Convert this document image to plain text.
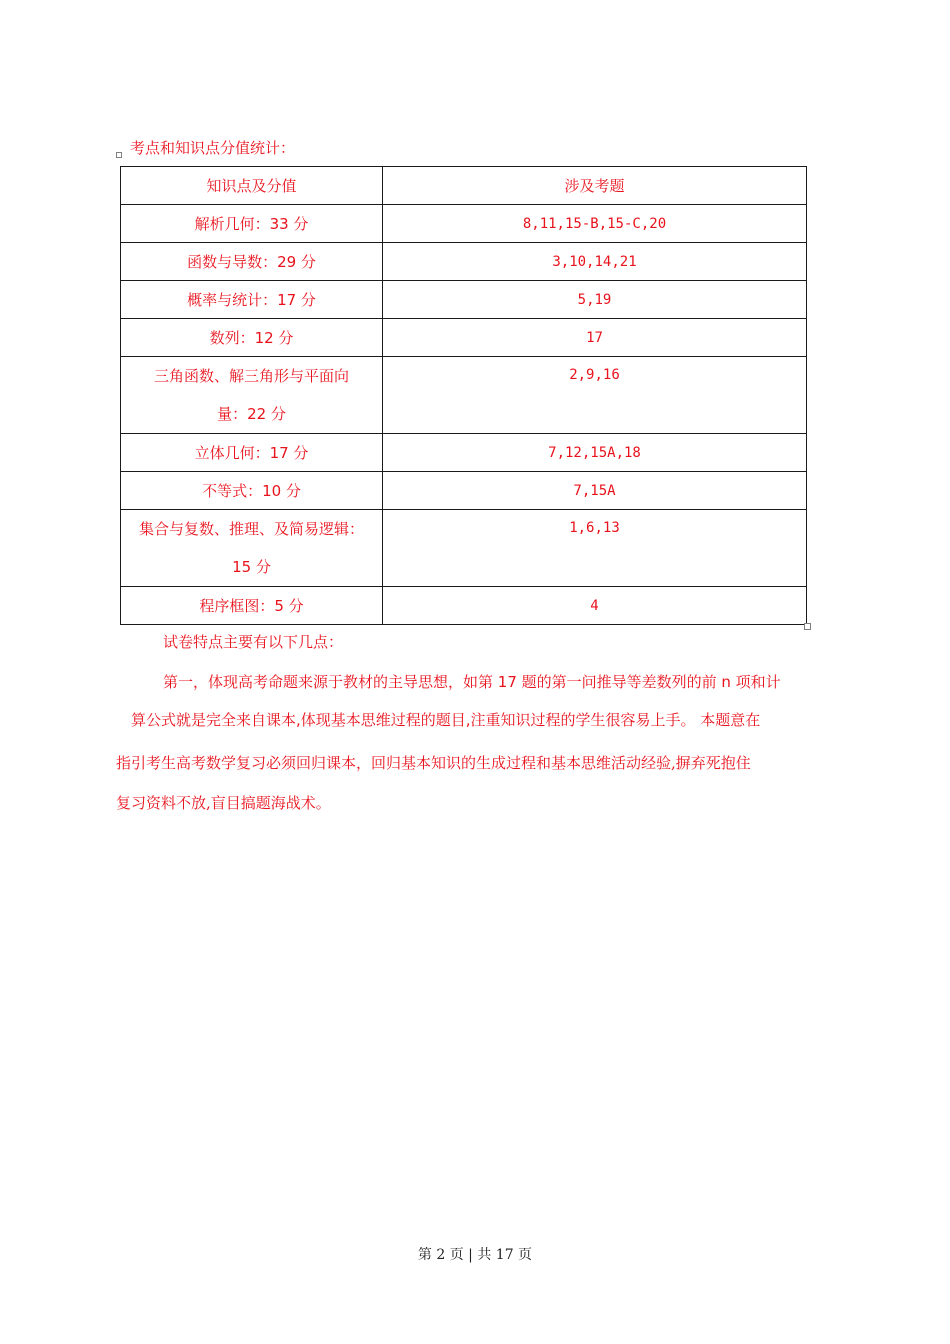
考点和知识点分值统计：
知识点及分值	涉及考题
解析几何：33 分	8,11,15-B,15-C,20
函数与导数：29 分	3,10,14,21
概率与统计：17 分	5,19
数列：12 分	17

三角函数、解三角形与平面向
量：22 分	2,9,16
立体几何：17 分	7,12,15A,18
不等式：10 分	7,15A

集合与复数、推理、及简易逻辑：
15 分	1,6,13
程序框图：5 分	4
试卷特点主要有以下几点：
第一，体现高考命题来源于教材的主导思想，如第 17 题的第一问推导等差数列的前 n 项和计
算公式就是完全来自课本,体现基本思维过程的题目,注重知识过程的学生很容易上手。 本题意在
指引考生高考数学复习必须回归课本，回归基本知识的生成过程和基本思维活动经验,摒弃死抱住
复习资料不放,盲目搞题海战术。
第 2 页 | 共 17 页
